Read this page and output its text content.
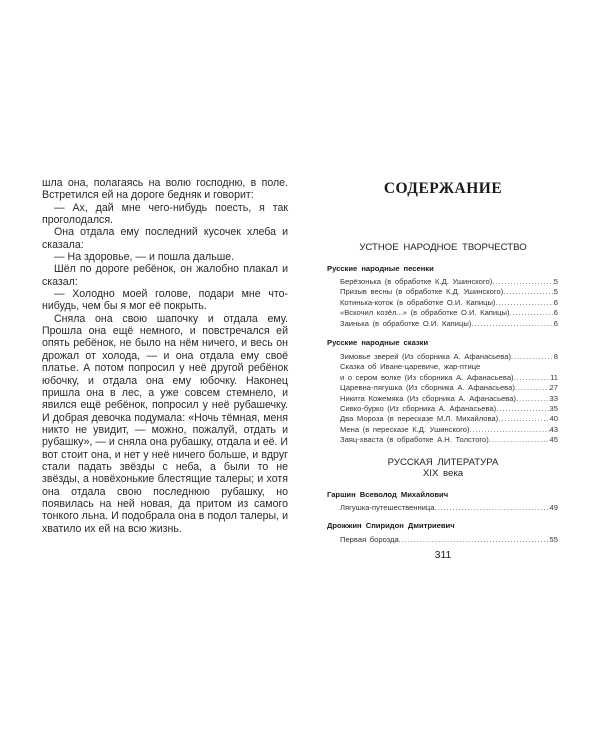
шла она, полагаясь на волю господню, в поле. Встретился ей на дороге бедняк и говорит:

— Ах, дай мне чего-нибудь поесть, я так проголодался.

Она отдала ему последний кусочек хлеба и сказала:

— На здоровье, — и пошла дальше.

Шёл по дороге ребёнок, он жалобно плакал и сказал:

— Холодно моей голове, подари мне что-нибудь, чем бы я мог её покрыть.

Сняла она свою шапочку и отдала ему. Прошла она ещё немного, и повстречался ей опять ребёнок, не было на нём ничего, и весь он дрожал от холода, — и она отдала ему своё платье. А потом попросил у неё другой ребёнок юбочку, и отдала она ему юбочку. Наконец пришла она в лес, а уже совсем стемнело, и явился ещё ребёнок, попросил у неё рубашечку. И добрая девочка подумала: «Ночь тёмная, меня никто не увидит, — можно, пожалуй, отдать и рубашку», — и сняла она рубашку, отдала и её. И вот стоит она, и нет у неё ничего больше, и вдруг стали падать звёзды с неба, а были то не звёзды, а новёхонькие блестящие талеры; и хотя она отдала свою последнюю рубашку, но появилась на ней новая, да притом из самого тонкого льна. И подобрала она в подол талеры, и хватило их ей на всю жизнь.

СОДЕРЖАНИЕ
УСТНОЕ НАРОДНОЕ ТВОРЧЕСТВО
Русские народные песенки
Берёзонька (в обработке К.Д. Ушинского) . . .	5
Призыв весны (в обработке К.Д. Ушинского) . . .	5
Котинька-коток (в обработке О.И. Капицы) . . .	6
«Вскочил козёл...» (в обработке О.И. Капицы) . . .	6
Заинька (в обработке О.И. Капицы) . . .	6
Русские народные сказки
Зимовье зверей (Из сборника А. Афанасьева) . . .	8
Сказка об Иване-царевиче, жар-птице
и о сером волке (Из сборника А. Афанасьева) . . .	11
Царевна-лягушка (Из сборника А. Афанасьева) . . .	27
Никита Кожемяка (Из сборника А. Афанасьева) . . .	33
Сивко-бурко (Из сборника А. Афанасьева) . . .	35
Два Мороза (в пересказе М.Л. Михайлова) . . .	40
Мена (в пересказе К.Д. Ушинского) . . .	43
Заяц-хваста (в обработке А.Н. Толстого) . . .	45
РУССКАЯ ЛИТЕРАТУРА
XIX века
Гаршин Всеволод Михайлович
Лягушка-путешественница . . .	49
Дрожжин Спиридон Дмитриевич
Первая борозда . . .	55
311
